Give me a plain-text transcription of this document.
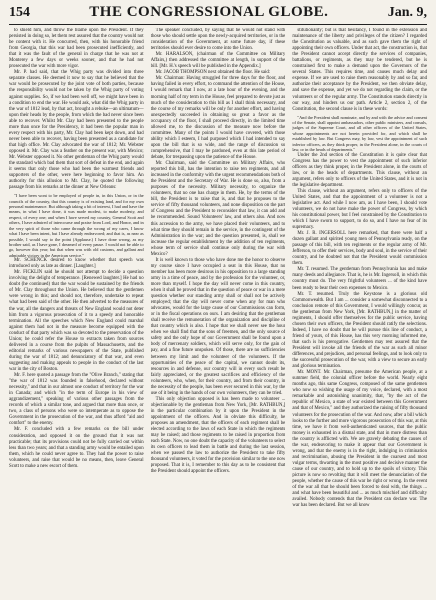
154	THE CONGRESSIONAL GLOBE.	Jan. 9,

to shield him, and throw the blame upon the President. If they persisted in doing so, let them rest assured that the country would not be content with it. He concurred, then, with his honorable friend from Georgia, that this war had been prosecuted inefficiently, and that it was the fault of the general in charge that he was not at Monterey a few days or weeks sooner, and that he had not prosecuted the war with more vigor.

Mr. P. had said, that the Whig party was divided into three separate classes. He deemed it now to say that he believed that the war would be prosecuted by the joint vote of both parties, because the responsibility would not be taken by the Whig party of voting against supplies. So, if we had been well off, we might have been in a condition to end the war. He would ask, what did the Whig party in the war of 1812 lead, by that act, brought a rebuke—an ultimatum—upon their heads by the people, from which the bad never since been able to recover. Whilst Mr. Clay had been presented to the people more than once for the Presidency, it had been the popular man in every respect with his party, Mr. Clay had been kept down, and had never been able to recover, having been presented as a candidate for that high office. Mr. Clay advocated the war of 1812; Mr. Webster opposed it. Mr. Clay was a feather on the present war, with Mexico; Mr. Webster opposed it. No other gentleman of the Whig party would the standard which bad them that sort of defeat in the end, and again it seems that only those who had been the warmest friends and supporters of the other, were here beginning to favor him. An authority for this allusion to Mr. Clay, he quoted the following passage from his remarks at the dinner at New Orleans:

"I have been wont to be employed of people in, in this Union, or in the councils of the country, that this country is of existing land, and for my own personal maintenance. But although taking a bit of interest, I had and have the means, in what I have done, it was made modest, to make modesty, and respect, of every one; and when I have served my country, General Scott and others, I have admired of intercourse and praise from Lord, and Honor, and in the very spirit of those who came through the wrong of my cares, I know what I have been intent, but I have already endeavored; and that is, as near as possible, I would say to the point (Applause.) I have done wrong, as my brother said, as I have gone, I dreamed of every pause. I would not be able to go, however this year; but that when was with old customs, and gallant and admirable victory in the American service."

Mr. SCHENCK desired to know whether that speech was introduced only as late as dinner. [Laughter.]

Mr. FICKLIN said he should not attempt to decide a question involving the delight of temperance. [Renewed laughter.] He had no doubt (he continued) that the war would be sustained by the friends of Mr. Clay throughout the Union. He believed that the gentlemen were wrong in this; and should not, therefore, undertake to repeat what had been said of the other. He then adverted to the measures of the war, all the dangers and threats of New England would not deter him from a vigorous prosecution of it to a speedy and honorable termination. All the speeches which New England could marshal against them had not in the measure become equipped with the conduct of that party which was so devoted to the preservation of the Union; he could refer the House to extracts taken from sources delivered in a course from the pulpits of Massachusetts, and the editorial remarks of various newspapers of the State, published during the war of 1812; and denunciatory of that war, and even suggesting and making appeals to people in the conduct of the last war in the city of Boston.

Mr. F. here quoted a passage from the "Olive Branch," stating that "the war of 1812 was founded in falsehood, declared without necessity," and that in our almost one conduct of territory for the war in Canada; and which "in the term of Europe in his view of aggrandizement," speaking of various other passages from the records of which a similar tone, and argued that more than once, or two, a class of persons who were so intemperate as to oppose the Government in the prosecution of the war, and thus afford "aid and comfort" to the enemy.

Mr. F. concluded with a few remarks on the bill under consideration, and opposed it on the ground that it was not practicable; that its provisions could not be fully carried out within less than two years; and that a standing army would be entailed upon them, which he could never agree to. They had the power to raise volunteers, and raise that would be no means, then, leave General Scott to make a new escort of them.

The speaker concluded, by saying that he would not stand with those who should settle upon the newly-acquired territories, or in the consideration of the Government, at some future day, if these territories should ever desire to come into the Union.

Mr. HARALSON, (chairman of the Committee on Military Affairs,) then addressed the committee at length, in support of the bill. [Mr. H.'s speech will be published in the Appendix.]

Mr. JACOB THOMPSON next obtained the floor. He said:

Mr. Chairman: Having struggled for three days for the floor, and having failed in every effort, to command the attention of the House, I would remark that I now, at a late hour of the evening, and the morning half of my term in the House, feel prepared to devote just as much of the consideration to this bill as I shall think necessary, and the course of my remarks will be only for another effort, and having unexpectedly succeeded in obtaining so great a favor as the occupancy of the floor, I shall proceed directly, in the limited time allowed me, to the discussion of the measure now before the committee. Many of the points I would have covered, with those ability which I esteem, I had purposed which I had intended to say upon the bill that is so wide, and the range of discussion so comprehensive, that I may be pardoned, even at this late period of debate, for trespassing upon the patience of the House.

Mr. Chairman, said the Committee on Military Affairs, who reported this bill, has the intention to raise ten regiments, and all increased in the conformity with the urgent recommendations both of the President and the Secretary of War. He is done so, also, from a purposes of the necessity. Military necessity, to organize the volunteers, that no one has charge in them. He, by the terms of the bill, the President is to raise that is, and that he proposes to the service of fifty thousand volunteers, and none disposition on the part of Congress and the President to reconsider that law, it can add and be recommended. Sound Volunteers' law, and others also. And now this accession to the army, we have placed their volunteers, and to what time they should remain in the service, in the contingent of the Administration in the war; and the question presented, is, shall we increase the regular establishment by the addition of ten regiments, whose term of service shall continue only during the war with Mexico?

It is well known to those who have done me the honor to observe my course since I have occupied a seat in this House, that no member has been more desirous in his opposition to a large standing army in a time of peace, and by the profession for the volunteer, or, more than myself. I hope the day will never come in this country, when it shall be proved that in the question of peace or war in a mere question whether our standing army shall or shall not be actively employed; that the day will never come when any for man who advocates, would for the large cause of our Commissions can form, or in the fiscal operations on ours. I am desiring that the gentleman shall receive the remuneration of the organization and discipline of that country which is also. I hope that we shall never see the hour when we shall find that the sons of freemen, and the only source of safety and the only hope of our Government shall be found upon a body of mercenary soldiers, which will serve only, for the gain of pay, and a fine future unspoken. Of those, there are no sufficiencies between my limit and the volunteer of the volunteers. If the opportunities of the peace of the capital, we cannot doubt its, resources in and defense, our country will in every such result be fairly appreciated, or the greatest sacrifices and efficiency of the volunteers, who, when, for their country, and from their country, in the necessity of the people, has been ever secured in this war, by the use of it being in the hands of our own volunteers, they can be tried.

This only objection opposed is has been made to volunteer ... objectionable by the gentleman from New York, [Mr. RATHBUN,] in the particular combination by it upon the President in the appointment of the officers. And in obviate this difficulty, he proposes an amendment, that the officers of each regiment shall be elected according to the laws of each State in which the regiments may be raised; and those regiments to be raised in proportion from each State. Now, no one doubt the capacity of the volunteers to select its own officers to lead them in battle and during the last session, when we passed the law to authorize the President to take fifty thousand volunteers, it voted for the provision similar to the one now proposed. That it is, I remember to this day as to be consistent that the President should appoint the officers.

stitutionality; but is that hesitancy, I found in the extension and maintenance of the liberty and privileges of the citizen? I regarded the Constitution as valuable, and as such gave them the right of appointing their own officers. Under that act, the construction is, that the President cannot accept directly the services of companies, battalions, or regiments, as they may be tendered, but he is constrained first to make a demand upon the Governors of the several States. This requires time, and causes much delay and expense. If we are used to raise them reasonably by and so far, and authorize their acceptance by the President, we then obviate delay, and save the expense, and yet we do not regarding the claim, or the volunteers or of the regular army. The Constitution stands directly in our way, and hinders us our path. Article 2, section 2, of the Constitution, the second clause is in these words:

"And the President shall nominate, and by and with the advice and consent of the Senate, shall appoint ambassadors, other public ministers, and consuls, judges of the Supreme Court, and all other officers of the United States, whose appointments are not herein provided for, and which shall be established by law. But Congress may, by law, vest the appointment of such inferior officers, as they think proper, in the President alone, in the courts of law, or in the heads of departments."

Under the 2nd section of the Constitution it is quite clear that Congress has the power to vest the appointment of such inferior officers as they think proper, in the President alone, in the courts of law, or in the heads of departments. This clause, without an argument, refers only to officers of the United States, and it is not in the legislative department.

This clause, without an argument, refers only to officers of the United States, and that the appointment of a volunteer is not a legislative act. And while I now am, as I have been, I should vote volunteers, we do not have make the power of Congress, by which his constitutional power, but I feel constrained by the Constitution to which I have sworn to support, to do so, and I have no fear of its supremacy.

Mr. J. R. INGERSOLL here remarked, that there were half a dozen gallant and spirited young men of Pennsylvania ready, on the passage of this bill, with ten regiments or the regular army of Mr. Jefferson, to offer their services, body and soul, in the service of their country, and he doubted not that the President would commission them.

Mr. T. resumed. The gentleman from Pennsylvania has and make many deeds and allegiance. That is, he is Mr. Ingersoll, in which this country must do. The very frightful volunteers ... of the kind have been ready to bear their own expenses to Mexico.

Mr. T. resumed. Truly the Keystone is a glorious old Commonwealth. But I am ... consider a somewhat disconnected to a conclusion remote of this Government, I would willingly concur, as the gentleman from New York, [Mr. RATHBUN,] in the matter of regiments, I should offer themselves for the public service, having chosen their own officers, the President should ratify the selections. Indeed, I have no doubt that he will pursue this line of conduct, a friend of yours, of this House, has this very morning informed me, that such is his prerogative. Gentlemen may rest assured that the President will invoke all the friends of the war as such all minor differences, and prejudices, and personal feelings, and to look only to the successful prosecution of the war, with a view to secure an early and glorious termination.

Mr. MONT. Mr. Chairman, presume the American people, at a summer field, the colonial officer before the world. Nearly eight months ago, this same Congress, composed of the same gentlemen who now so wishing the usage of my voice, declared, with a most remarkable and astonishing unanimity, that, "by the act of the republic of Mexico, a state of war existed between this Government and that of Mexico," and they authorized the raising of fifty thousand volunteers for the prosecution of the war. And now, after a bill which looks to the further and more vigorous prosecution of this war, at this time, we have it from well-authenticated sources, that the public money is exhausted in a dismal state, and that in more distress than the country is afflicted with. We are gravely debating the causes of the war, endeavoring to make it appear that our Government is wrong, and that the enemy is in the right, indulging in crimination and recrimination, abusing the President in the coarsest and most vulgar terms, thwarting in the most positive and decisive manner the cause of our country, and to hold up to the spoils of victory. This picture is now so revolting that it will meet the denunciation of the people, whether the cause of this war be right or wrong. In the event of the war all that he should been forced to deal with, the things ... and what have been beautiful and ... as much mischief and difficulty availed. Nobody contends that the President can declare war. The war has been declared. But we all know
